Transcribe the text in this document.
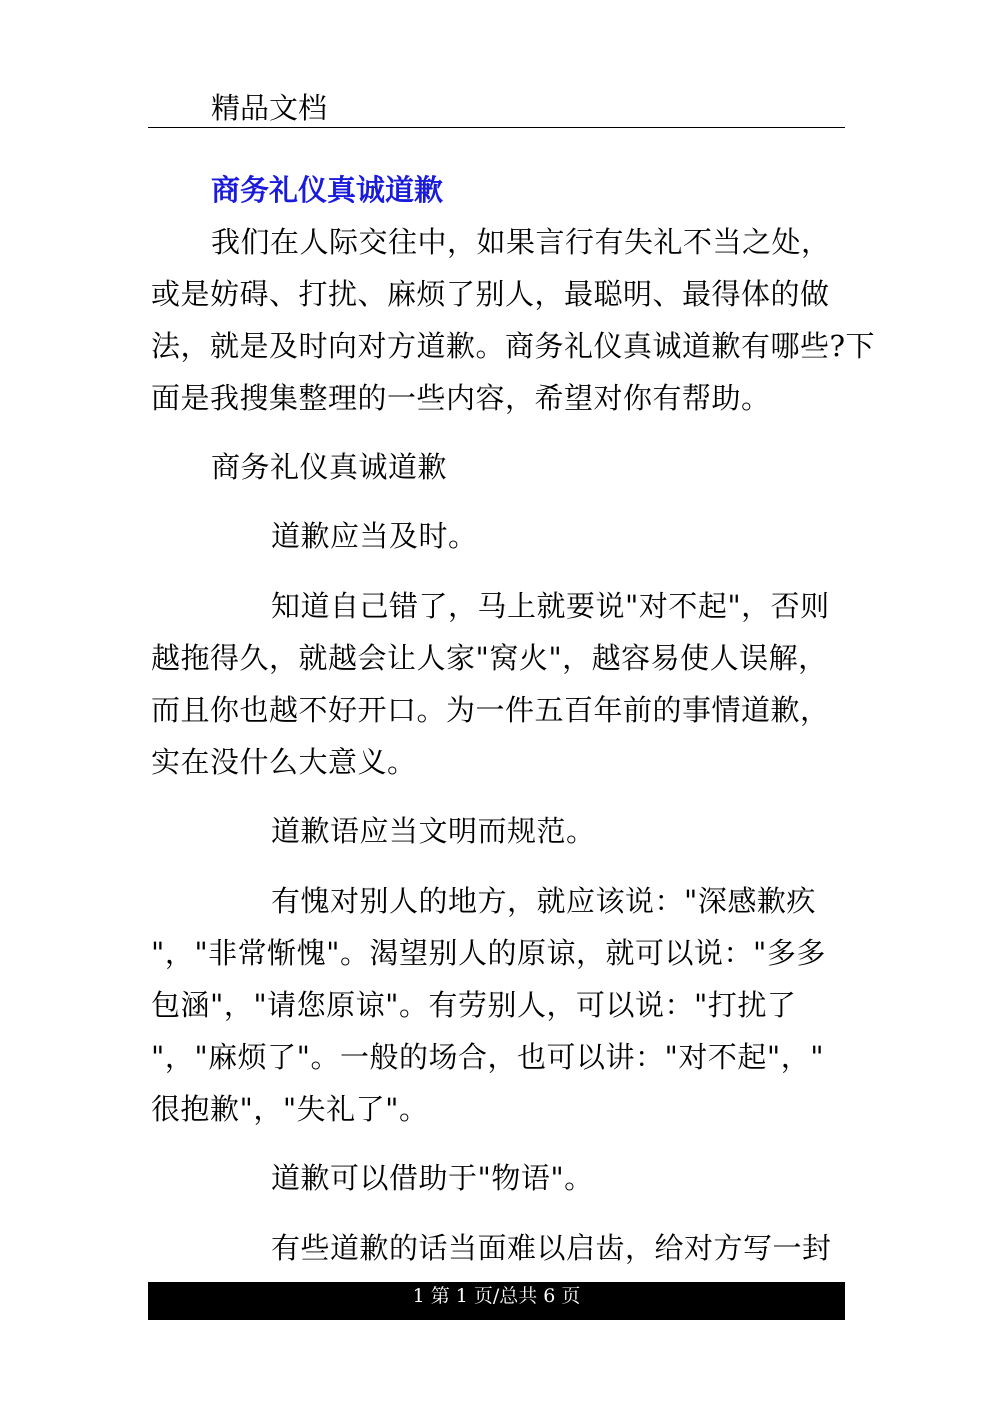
精品文档
商务礼仪真诚道歉
我们在人际交往中，如果言行有失礼不当之处，
或是妨碍、打扰、麻烦了别人，最聪明、最得体的做
法，就是及时向对方道歉。商务礼仪真诚道歉有哪些?下
面是我搜集整理的一些内容，希望对你有帮助。
商务礼仪真诚道歉
道歉应当及时。
知道自己错了，马上就要说"对不起"，否则
越拖得久，就越会让人家"窝火"，越容易使人误解，
而且你也越不好开口。为一件五百年前的事情道歉，
实在没什么大意义。
道歉语应当文明而规范。
有愧对别人的地方，就应该说："深感歉疚
"，"非常惭愧"。渴望别人的原谅，就可以说："多多
包涵"，"请您原谅"。有劳别人，可以说："打扰了
"，"麻烦了"。一般的场合，也可以讲："对不起"，"
很抱歉"，"失礼了"。
道歉可以借助于"物语"。
有些道歉的话当面难以启齿，给对方写一封
1 第 1 页/总共 6 页
